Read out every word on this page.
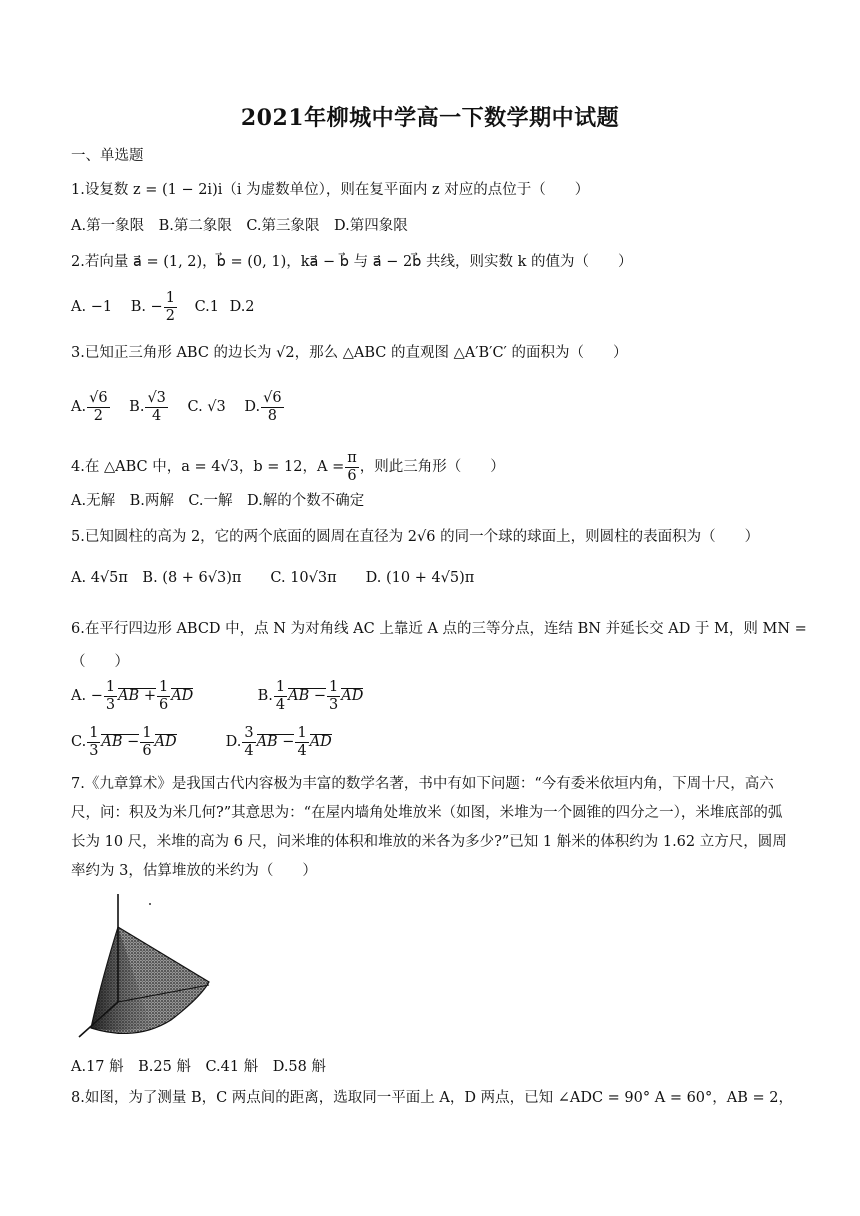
2021年柳城中学高一下数学期中试题
一、单选题
1.设复数 z = (1 − 2i)i（i 为虚数单位），则在复平面内 z 对应的点位于（　　）
A.第一象限　B.第二象限　C.第三象限　D.第四象限
2.若向量 a⃗ = (1, 2)，b⃗ = (0, 1)，ka⃗ − b⃗ 与 a⃗ − 2b⃗ 共线，则实数 k 的值为（　　）
A. −1 B. − $\frac{1}{2} C.1$ D.2
3.已知正三角形 ABC 的边长为 √2，那么 △ABC 的直观图 △A′B′C′ 的面积为（　　）
A. $\frac{√6}{2} B$. $\frac{√3}{4} C$. √3 D. $\frac{√6}{8}$
4.在 △ABC 中，a = 4√3，b = 12，$A = \frac{\pi}{6}$ ，则此三角形（　　）
A.无解　B.两解　C.一解　D.解的个数不确定
5.已知圆柱的高为 2，它的两个底面的圆周在直径为 2√6 的同一个球的球面上，则圆柱的表面积为（　　）
A. 4√5π　B. (8 + 6√3)π　　C. 10√3π　　D. (10 + 4√5)π
6.在平行四边形 ABCD 中，点 N 为对角线 AC 上靠近 A 点的三等分点，连结 BN 并延长交 AD 于 M，则 MN =
（　　）
A. − $\frac{1}{3}$ AB + $\frac{1}{6}$ AD	B. $\frac{1}{4}$ AB − $\frac{1}{3}$ AD
C. $\frac{1}{3}$ AB − $\frac{1}{6}$ AD	D. $\frac{3}{4}$ AB − $\frac{1}{4}$ AD
7.《九章算术》是我国古代内容极为丰富的数学名著，书中有如下问题：“今有委米依垣内角，下周十尺，高六尺，问：积及为米几何?”其意思为：“在屋内墙角处堆放米（如图，米堆为一个圆锥的四分之一），米堆底部的弧长为 10 尺，米堆的高为 6 尺，问米堆的体积和堆放的米各为多少?”已知 1 斛米的体积约为 1.62 立方尺，圆周率约为 3，估算堆放的米约为（　　）
A.17 斛　B.25 斛　C.41 斛　D.58 斛
8.如图，为了测量 B，C 两点间的距离，选取同一平面上 A，D 两点，已知 ∠ADC = 90° A = 60°，AB = 2，
